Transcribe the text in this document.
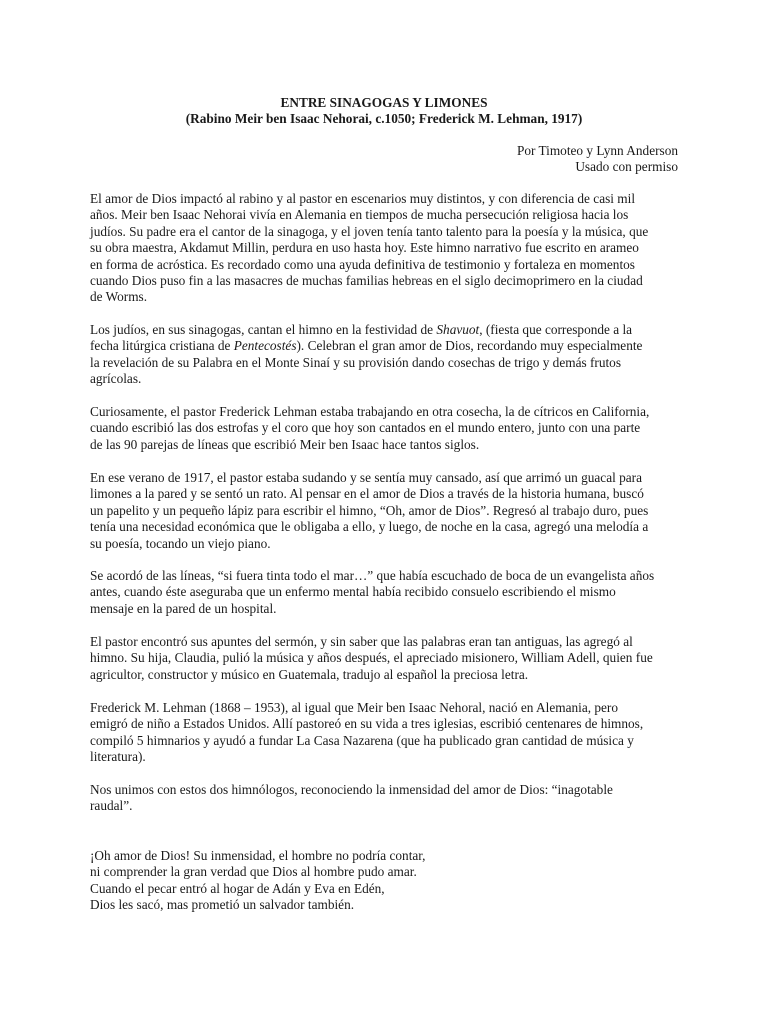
ENTRE SINAGOGAS Y LIMONES
(Rabino Meir ben Isaac Nehorai, c.1050; Frederick M. Lehman, 1917)
Por Timoteo y Lynn Anderson
Usado con permiso
El amor de Dios impactó al rabino y al pastor en escenarios muy distintos, y con diferencia de casi mil
años. Meir ben Isaac Nehorai vivía en Alemania en tiempos de mucha persecución religiosa hacia los
judíos. Su padre era el cantor de la sinagoga, y el joven tenía tanto talento para la poesía y la música, que
su obra maestra, Akdamut Millin, perdura en uso hasta hoy. Este himno narrativo fue escrito en arameo
en forma de acróstica. Es recordado como una ayuda definitiva de testimonio y fortaleza en momentos
cuando Dios puso fin a las masacres de muchas familias hebreas en el siglo decimoprimero en la ciudad
de Worms.
Los judíos, en sus sinagogas, cantan el himno en la festividad de Shavuot, (fiesta que corresponde a la
fecha litúrgica cristiana de Pentecostés). Celebran el gran amor de Dios, recordando muy especialmente
la revelación de su Palabra en el Monte Sinaí y su provisión dando cosechas de trigo y demás frutos
agrícolas.
Curiosamente, el pastor Frederick Lehman estaba trabajando en otra cosecha, la de cítricos en California,
cuando escribió las dos estrofas y el coro que hoy son cantados en el mundo entero, junto con una parte
de las 90 parejas de líneas que escribió Meir ben Isaac hace tantos siglos.
En ese verano de 1917, el pastor estaba sudando y se sentía muy cansado, así que arrimó un guacal para
limones a la pared y se sentó un rato. Al pensar en el amor de Dios a través de la historia humana, buscó
un papelito y un pequeño lápiz para escribir el himno, “Oh, amor de Dios”. Regresó al trabajo duro, pues
tenía una necesidad económica que le obligaba a ello, y luego, de noche en la casa, agregó una melodía a
su poesía, tocando un viejo piano.
Se acordó de las líneas, “si fuera tinta todo el mar…” que había escuchado de boca de un evangelista años
antes, cuando éste aseguraba que un enfermo mental había recibido consuelo escribiendo el mismo
mensaje en la pared de un hospital.
El pastor encontró sus apuntes del sermón, y sin saber que las palabras eran tan antiguas, las agregó al
himno. Su hija, Claudia, pulió la música y años después, el apreciado misionero, William Adell, quien fue
agricultor, constructor y músico en Guatemala, tradujo al español la preciosa letra.
Frederick M. Lehman (1868 – 1953), al igual que Meir ben Isaac Nehoral, nació en Alemania, pero
emigró de niño a Estados Unidos. Allí pastoreó en su vida a tres iglesias, escribió centenares de himnos,
compiló 5 himnarios y ayudó a fundar La Casa Nazarena (que ha publicado gran cantidad de música y
literatura).
Nos unimos con estos dos himnólogos, reconociendo la inmensidad del amor de Dios: “inagotable
raudal”.
¡Oh amor de Dios! Su inmensidad, el hombre no podría contar,
ni comprender la gran verdad que Dios al hombre pudo amar.
Cuando el pecar entró al hogar de Adán y Eva en Edén,
Dios les sacó, mas prometió un salvador también.
